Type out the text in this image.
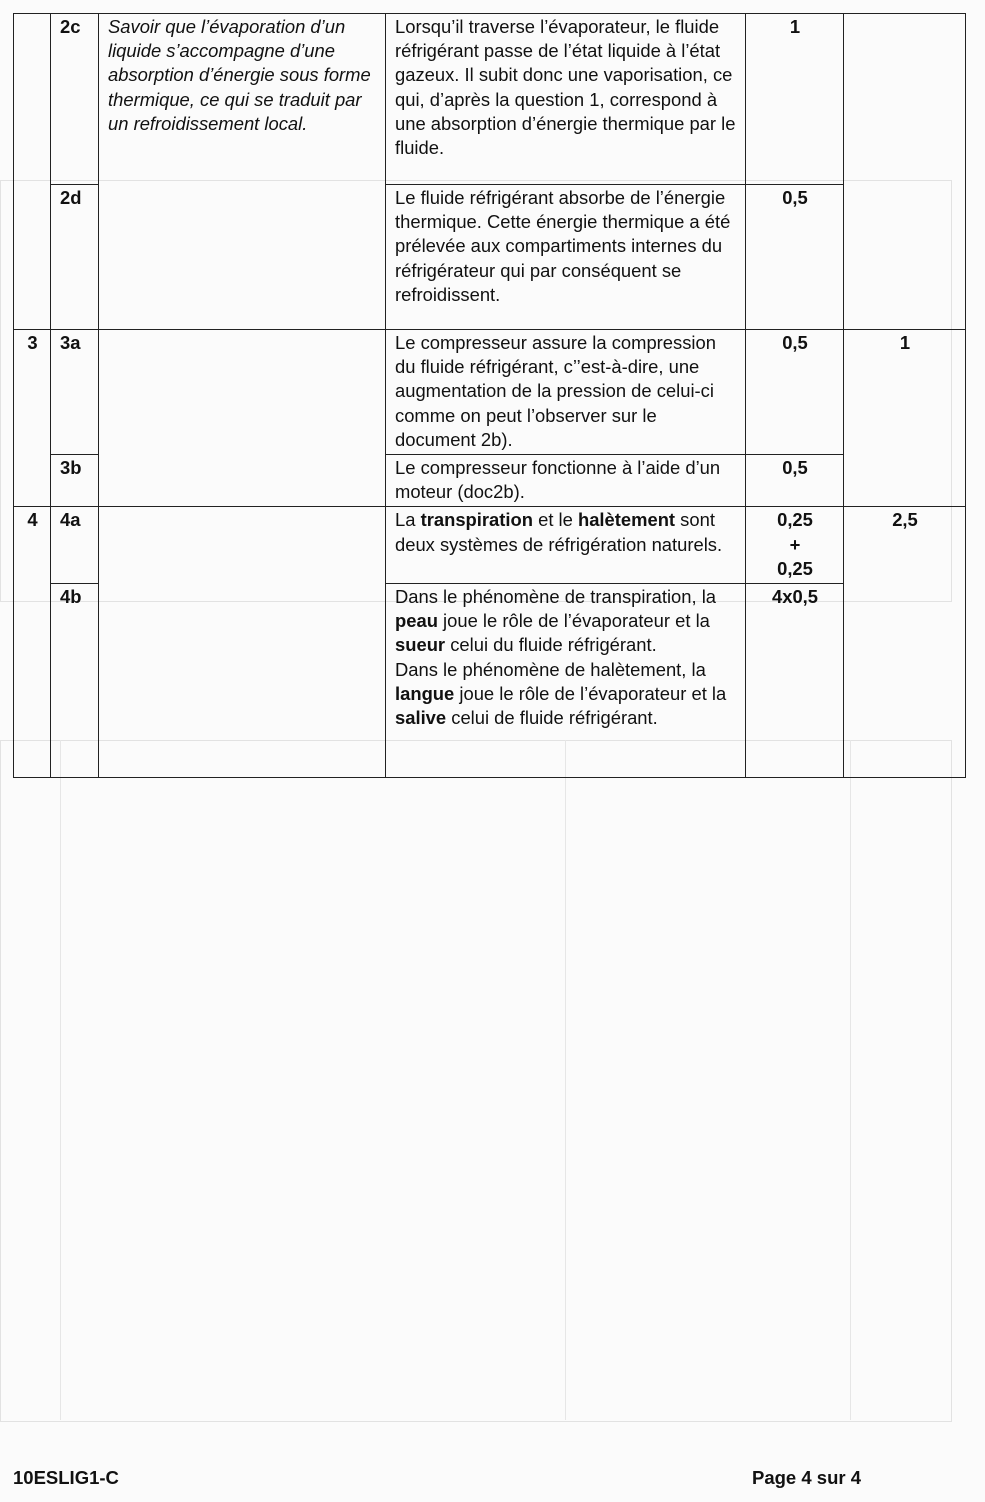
	2c	Savoir que l’évaporation d’un liquide s’accompagne d’une absorption d’énergie sous forme thermique, ce qui se traduit par un refroidissement local.	Lorsqu’il traverse l’évaporateur, le fluide réfrigérant passe de l’état liquide à l’état gazeux. Il subit donc une vaporisation, ce qui, d’après la question 1, correspond à une absorption d’énergie thermique par le fluide.	1	
	2d		Le fluide réfrigérant absorbe de l’énergie thermique. Cette énergie thermique a été prélevée aux compartiments internes du réfrigérateur qui par conséquent se refroidissent.	0,5	
3	3a		Le compresseur assure la compression du fluide réfrigérant, c’’est-à-dire, une augmentation de la pression de celui-ci comme on peut l’observer sur le document 2b).	0,5	1
	3b		Le compresseur fonctionne à l’aide d’un moteur (doc2b).	0,5	
4	4a		La transpiration et le halètement sont deux systèmes de réfrigération naturels.	0,25
+
0,25	2,5
	4b		Dans le phénomène de transpiration, la peau joue le rôle de l’évaporateur et la sueur celui du fluide réfrigérant.
Dans le phénomène de halètement, la langue joue le rôle de l’évaporateur et la salive celui de fluide réfrigérant.	4x0,5	
10ESLIG1-C	Page 4 sur 4
